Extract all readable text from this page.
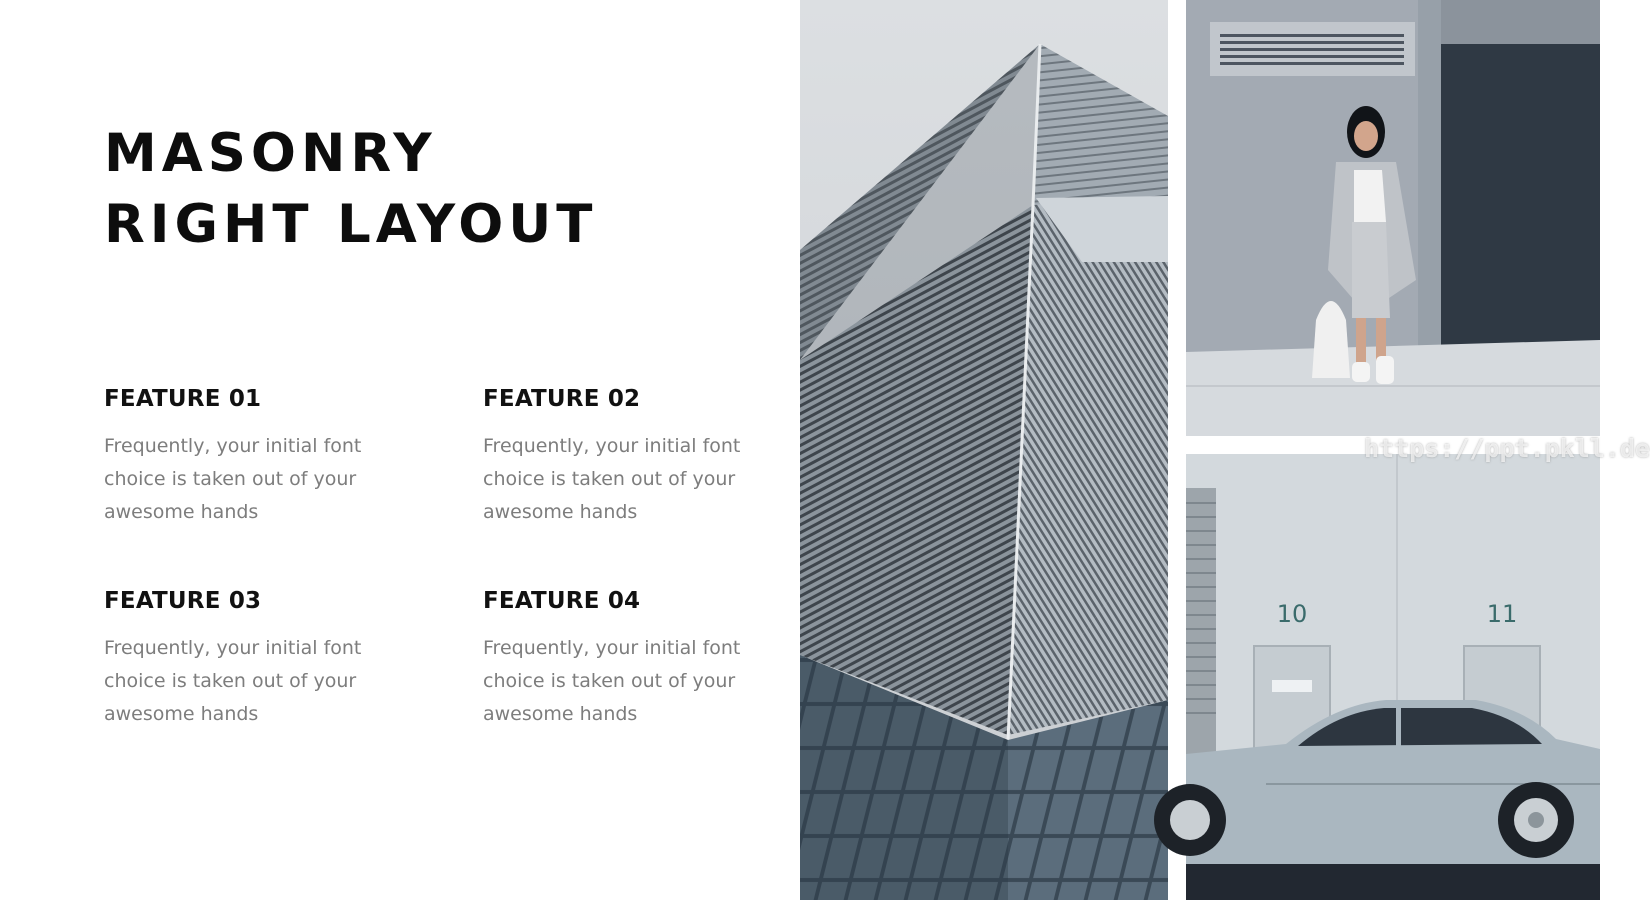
MASONRY
RIGHT LAYOUT
FEATURE 01

Frequently, your initial font choice is taken out of your awesome hands

FEATURE 02

Frequently, your initial font choice is taken out of your awesome hands

FEATURE 03

Frequently, your initial font choice is taken out of your awesome hands

FEATURE 04

Frequently, your initial font choice is taken out of your awesome hands

10	11
https://ppt.pkll.de
